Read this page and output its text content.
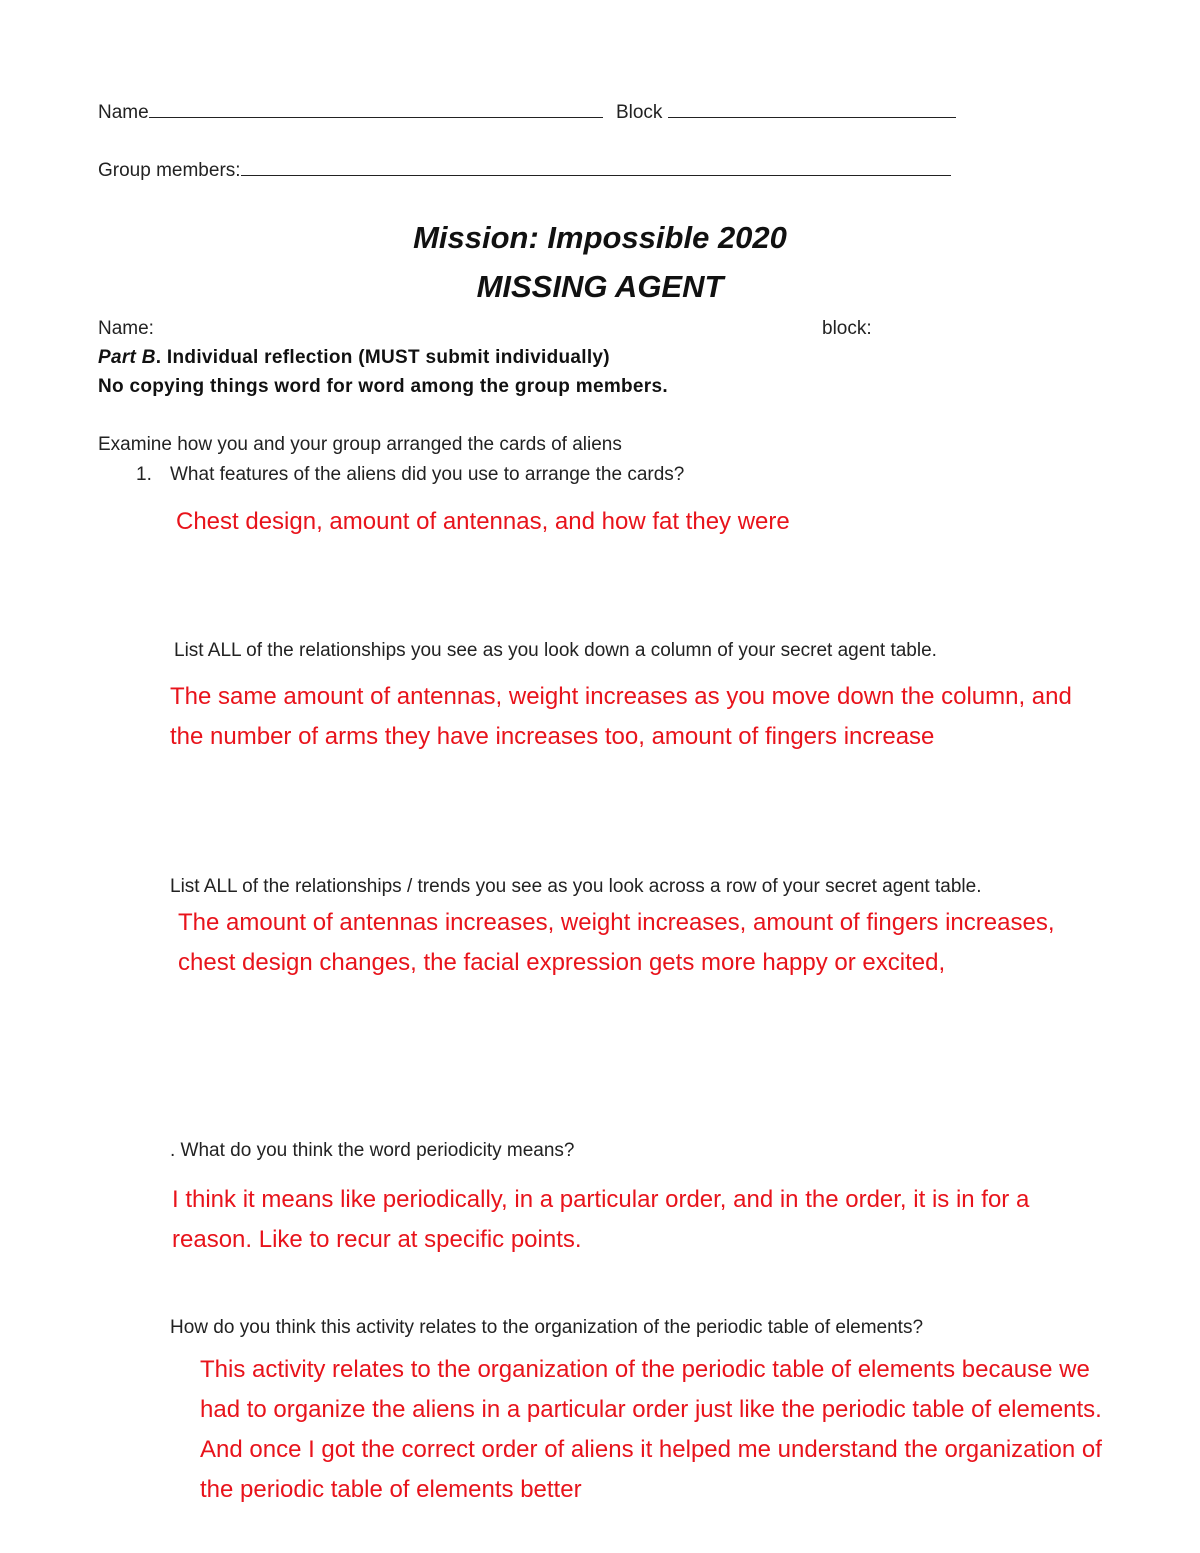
Name	Block
Group members:
Mission: Impossible 2020
MISSING AGENT
Name:	block:
Part B. Individual reflection (MUST submit individually)
No copying things word for word among the group members.
Examine how you and your group arranged the cards of aliens
1. What features of the aliens did you use to arrange the cards?
Chest design, amount of antennas, and how fat they were
List ALL of the relationships you see as you look down a column of your secret agent table.
The same amount of antennas, weight increases as you move down the column, and
the number of arms they have increases too, amount of fingers increase
List ALL of the relationships / trends you see as you look across a row of your secret agent table.
The amount of antennas increases, weight increases, amount of fingers increases,
chest design changes, the facial expression gets more happy or excited,
. What do you think the word periodicity means?
I think it means like periodically, in a particular order, and in the order, it is in for a
reason. Like to recur at specific points.
How do you think this activity relates to the organization of the periodic table of elements?
This activity relates to the organization of the periodic table of elements because we
had to organize the aliens in a particular order just like the periodic table of elements.
And once I got the correct order of aliens it helped me understand the organization of
the periodic table of elements better
